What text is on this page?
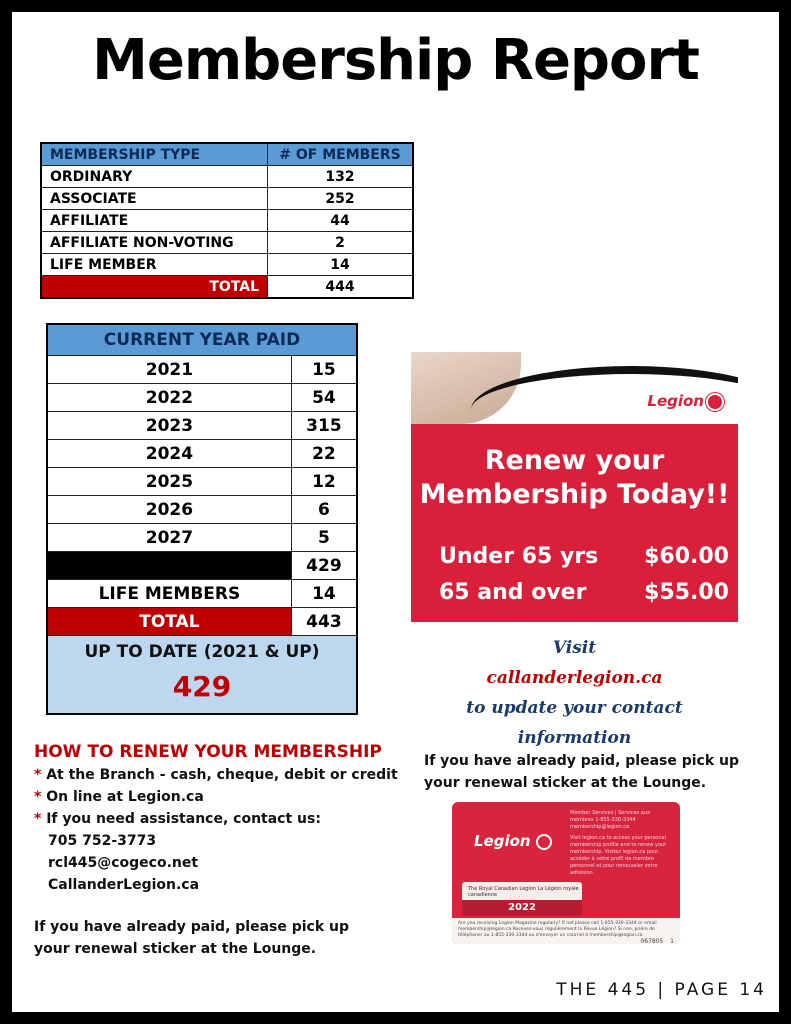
Membership Report
MEMBERSHIP TYPE	# OF MEMBERS
ORDINARY	132
ASSOCIATE	252
AFFILIATE	44
AFFILIATE NON-VOTING	2
LIFE MEMBER	14
TOTAL	444
CURRENT YEAR PAID	
2021	15
2022	54
2023	315
2024	22
2025	12
2026	6
2027	5
	429
LIFE MEMBERS	14
TOTAL	443
UP TO DATE (2021 & UP)
429	
Legion
Renew your
Membership Today!!
Under 65 yrs $60.00
65 and over	$55.00
Visit
callanderlegion.ca
to update your contact information
HOW TO RENEW YOUR MEMBERSHIP
* At the Branch - cash, cheque, debit or credit
* On line at Legion.ca
* If you need assistance, contact us:
705 752-3773
rcl445@cogeco.net
CallanderLegion.ca
If you have already paid, please pick up
your renewal sticker at the Lounge.
If you have already paid, please pick up
your renewal sticker at the Lounge.
Legion
Member Services | Services aux membres 1-855-330-3344 membership@legion.ca
Visit legion.ca to access your personal membership profile and to renew your membership. Visitez legion.ca pour accéder à votre profil de membre personnel et pour renouveler votre adhésion.
The Royal Canadian Legion La Légion royale canadienne
2022
Are you receiving Legion Magazine regularly? If not please call 1-855-330-3344 or email membership@legion.ca Recevez-vous régulièrement la Revue Légion? Si non, prière de téléphoner au 1-855-330-3344 ou d'envoyer un courriel à membership@legion.ca
067805 _ 1
THE 445 | PAGE 14
